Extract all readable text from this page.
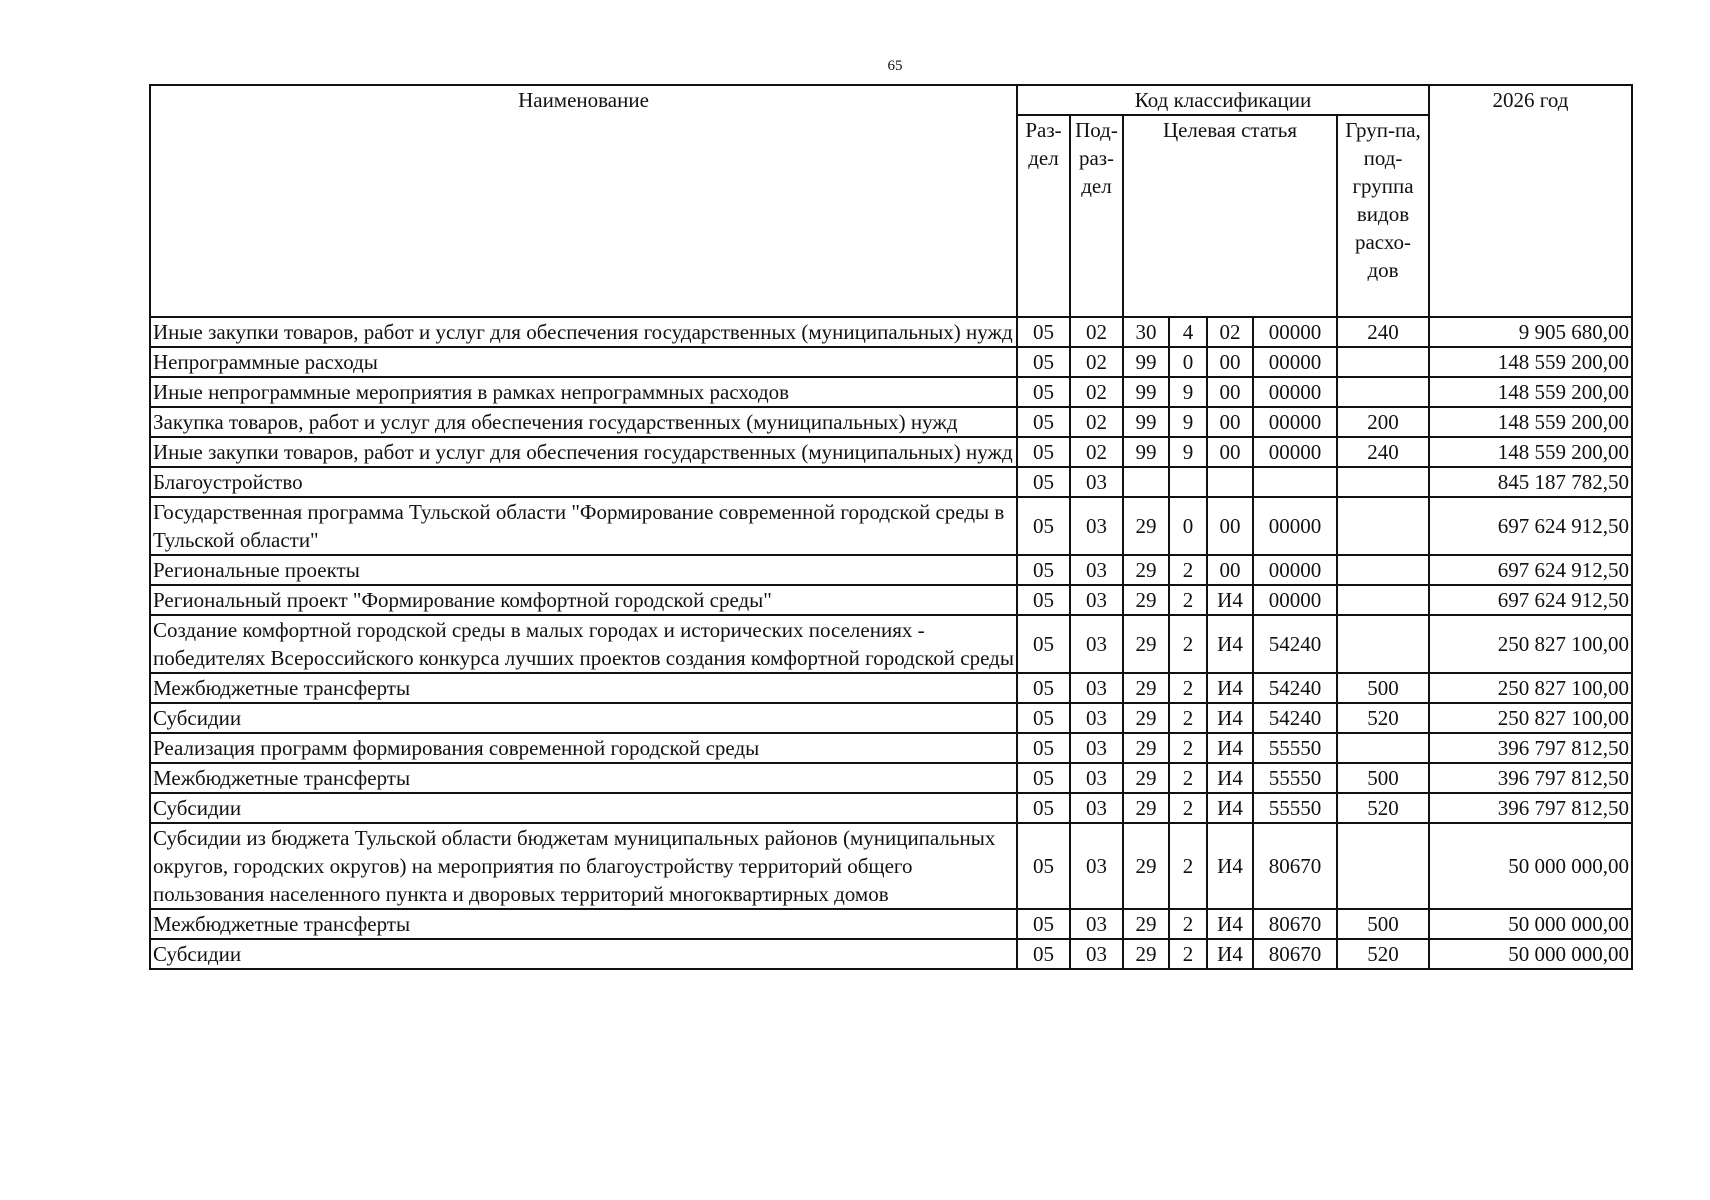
65
Наименование	Код классификации							2026 год
	Раз-дел	Под-раз-дел	Целевая статья				Груп-па, под-группа видов расхо-дов	
Иные закупки товаров, работ и услуг для обеспечения государственных (муниципальных) нужд	05	02	30	4	02	00000	240	9 905 680,00
Непрограммные расходы	05	02	99	0	00	00000		148 559 200,00
Иные непрограммные мероприятия в рамках непрограммных расходов	05	02	99	9	00	00000		148 559 200,00
Закупка товаров, работ и услуг для обеспечения государственных (муниципальных) нужд	05	02	99	9	00	00000	200	148 559 200,00
Иные закупки товаров, работ и услуг для обеспечения государственных (муниципальных) нужд	05	02	99	9	00	00000	240	148 559 200,00
Благоустройство	05	03						845 187 782,50
Государственная программа Тульской области "Формирование современной городской среды в Тульской области"	05	03	29	0	00	00000		697 624 912,50
Региональные проекты	05	03	29	2	00	00000		697 624 912,50
Региональный проект "Формирование комфортной городской среды"	05	03	29	2	И4	00000		697 624 912,50
Создание комфортной городской среды в малых городах и исторических поселениях - победителях Всероссийского конкурса лучших проектов создания комфортной городской среды	05	03	29	2	И4	54240		250 827 100,00
Межбюджетные трансферты	05	03	29	2	И4	54240	500	250 827 100,00
Субсидии	05	03	29	2	И4	54240	520	250 827 100,00
Реализация программ формирования современной городской среды	05	03	29	2	И4	55550		396 797 812,50
Межбюджетные трансферты	05	03	29	2	И4	55550	500	396 797 812,50
Субсидии	05	03	29	2	И4	55550	520	396 797 812,50
Субсидии из бюджета Тульской области бюджетам муниципальных районов (муниципальных округов, городских округов) на мероприятия по благоустройству территорий общего пользования населенного пункта и дворовых территорий многоквартирных домов	05	03	29	2	И4	80670		50 000 000,00
Межбюджетные трансферты	05	03	29	2	И4	80670	500	50 000 000,00
Субсидии	05	03	29	2	И4	80670	520	50 000 000,00
